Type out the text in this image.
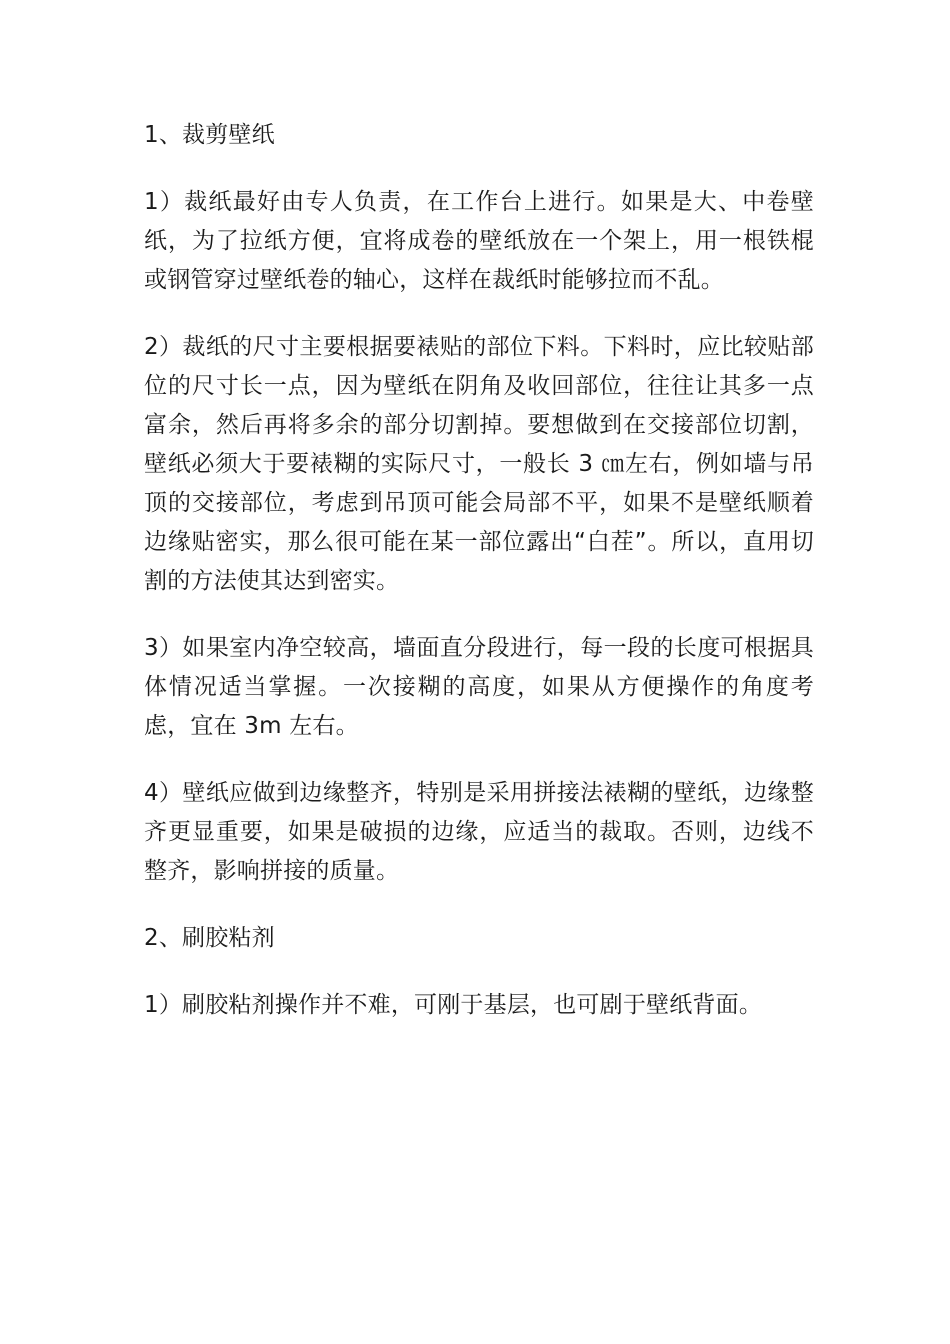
1、裁剪壁纸
1）裁纸最好由专人负责，在工作台上进行。如果是大、中卷壁纸，为了拉纸方便，宜将成卷的壁纸放在一个架上，用一根铁棍或钢管穿过壁纸卷的轴心，这样在裁纸时能够拉而不乱。
2）裁纸的尺寸主要根据要裱贴的部位下料。下料时，应比较贴部位的尺寸长一点，因为壁纸在阴角及收回部位，往往让其多一点富余，然后再将多余的部分切割掉。要想做到在交接部位切割，壁纸必须大于要裱糊的实际尺寸，一般长 3 ㎝左右，例如墙与吊顶的交接部位，考虑到吊顶可能会局部不平，如果不是壁纸顺着边缘贴密实，那么很可能在某一部位露出“白茬”。所以，直用切割的方法使其达到密实。
3）如果室内净空较高，墙面直分段进行，每一段的长度可根据具体情况适当掌握。一次接糊的高度，如果从方便操作的角度考虑，宜在 3m 左右。
4）壁纸应做到边缘整齐，特别是采用拼接法裱糊的壁纸，边缘整齐更显重要，如果是破损的边缘，应适当的裁取。否则，边线不整齐，影响拼接的质量。
2、刷胶粘剂
1）刷胶粘剂操作并不难，可刚于基层，也可剧于壁纸背面。
